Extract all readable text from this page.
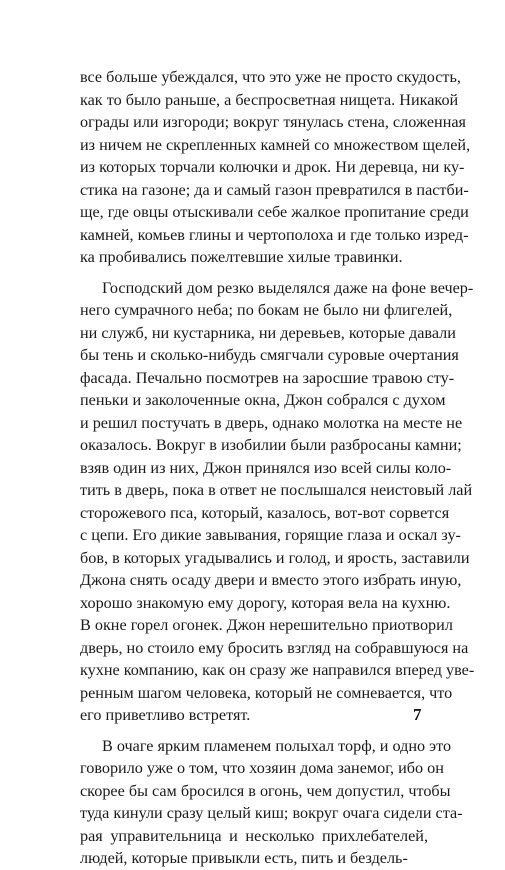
все больше убеждался, что это уже не просто скудость,
как то было раньше, а беспросветная нищета. Никакой
ограды или изгороди; вокруг тянулась стена, сложенная
из ничем не скрепленных камней со множеством щелей,
из которых торчали колючки и дрок. Ни деревца, ни ку-
стика на газоне; да и самый газон превратился в пастби-
ще, где овцы отыскивали себе жалкое пропитание среди
камней, комьев глины и чертополоха и где только изред-
ка пробивались пожелтевшие хилые травинки.
Господский дом резко выделялся даже на фоне вечер-
него сумрачного неба; по бокам не было ни флигелей,
ни служб, ни кустарника, ни деревьев, которые давали
бы тень и сколько-нибудь смягчали суровые очертания
фасада. Печально посмотрев на заросшие травою сту-
пеньки и заколоченные окна, Джон собрался с духом
и решил постучать в дверь, однако молотка на месте не
оказалось. Вокруг в изобилии были разбросаны камни;
взяв один из них, Джон принялся изо всей силы коло-
тить в дверь, пока в ответ не послышался неистовый лай
сторожевого пса, который, казалось, вот-вот сорвется
с цепи. Его дикие завывания, горящие глаза и оскал зу-
бов, в которых угадывались и голод, и ярость, заставили
Джона снять осаду двери и вместо этого избрать иную,
хорошо знакомую ему дорогу, которая вела на кухню.
В окне горел огонек. Джон нерешительно приотворил
дверь, но стоило ему бросить взгляд на собравшуюся на
кухне компанию, как он сразу же направился вперед уве-
ренным шагом человека, который не сомневается, что
его приветливо встретят.
В очаге ярким пламенем полыхал торф, и одно это
говорило уже о том, что хозяин дома занемог, ибо он
скорее бы сам бросился в огонь, чем допустил, чтобы
туда кинули сразу целый киш; вокруг очага сидели ста-
рая управительница и несколько прихлебателей,
людей, которые привыкли есть, пить и бездель-
7
